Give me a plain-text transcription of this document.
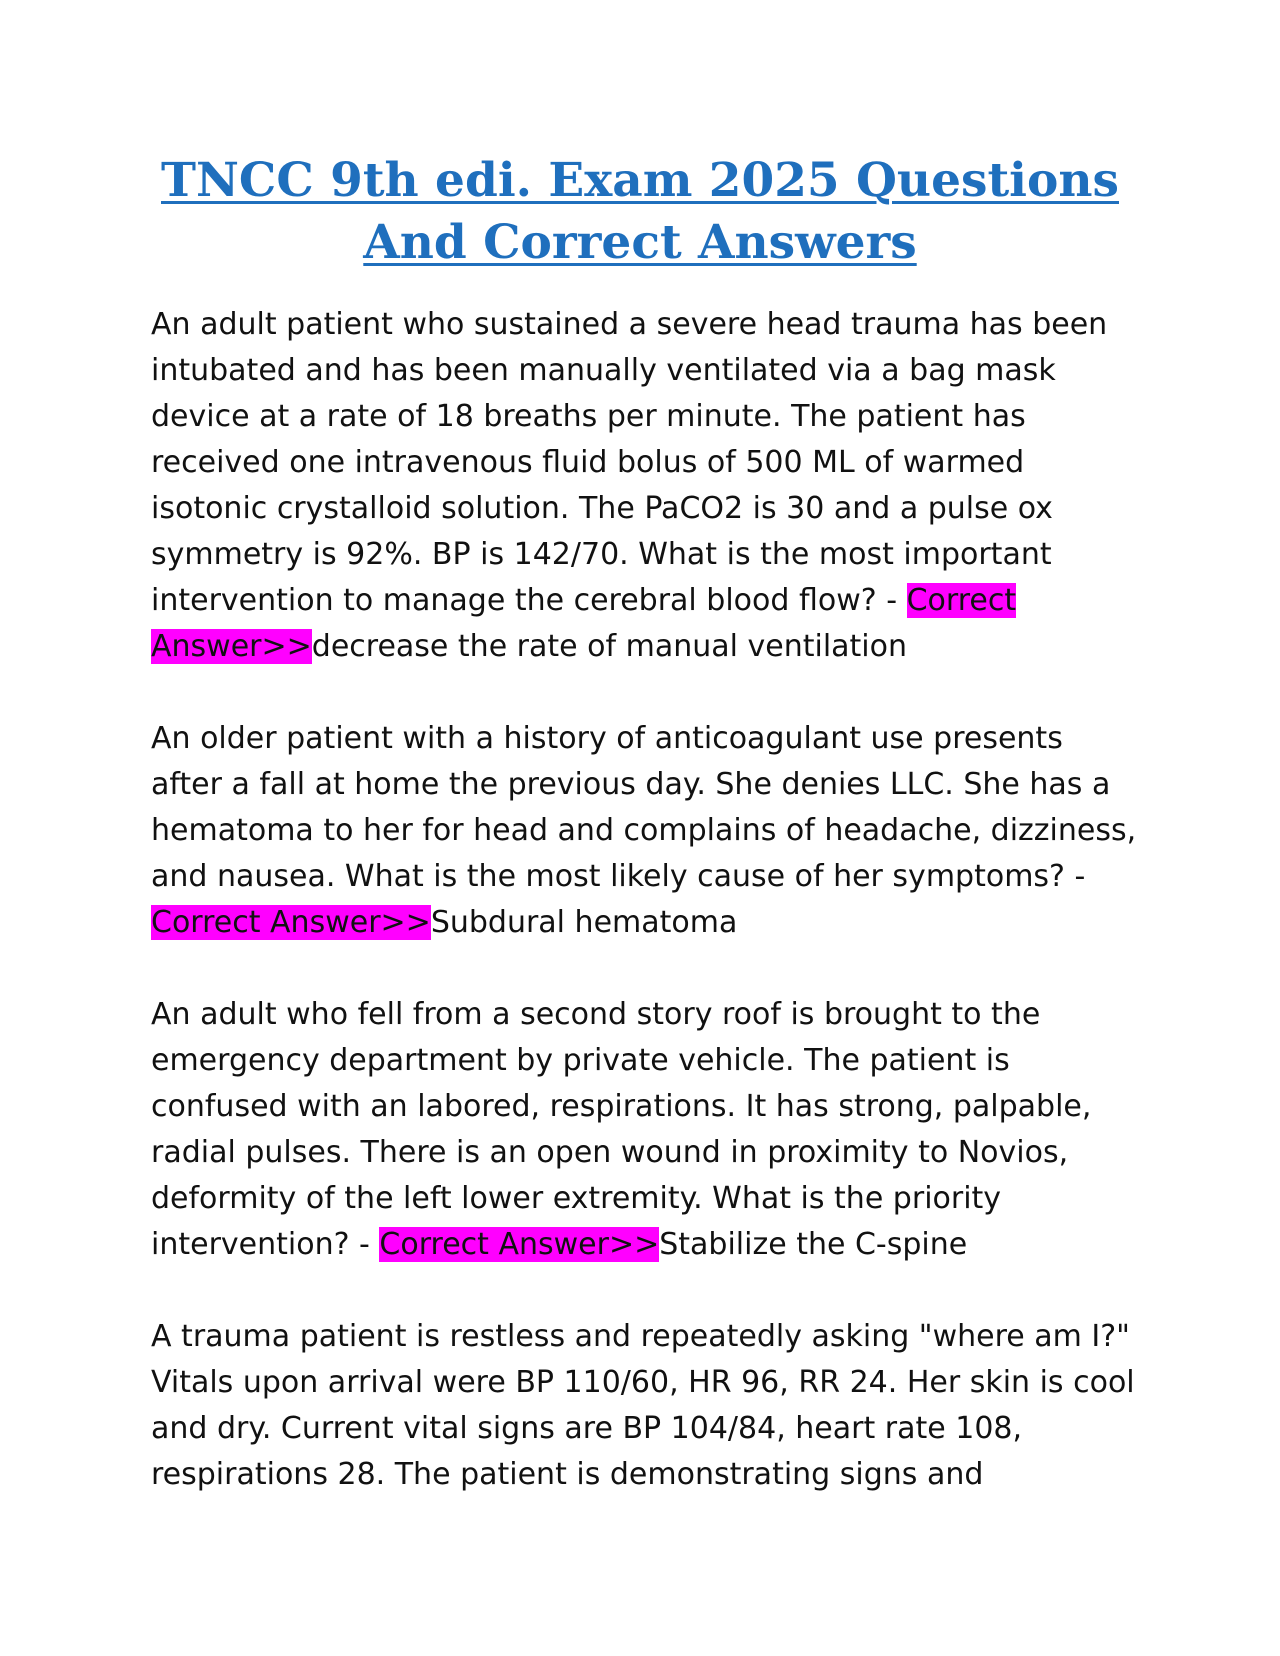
TNCC 9th edi. Exam 2025 Questions And Correct Answers

An adult patient who sustained a severe head trauma has been intubated and has been manually ventilated via a bag mask device at a rate of 18 breaths per minute. The patient has received one intravenous fluid bolus of 500 ML of warmed isotonic crystalloid solution. The PaCO2 is 30 and a pulse ox symmetry is 92%. BP is 142/70. What is the most important intervention to manage the cerebral blood flow? - Correct Answer>>decrease the rate of manual ventilation

An older patient with a history of anticoagulant use presents after a fall at home the previous day. She denies LLC. She has a hematoma to her for head and complains of headache, dizziness, and nausea. What is the most likely cause of her symptoms? - Correct Answer>>Subdural hematoma

An adult who fell from a second story roof is brought to the emergency department by private vehicle. The patient is confused with an labored, respirations. It has strong, palpable, radial pulses. There is an open wound in proximity to Novios, deformity of the left lower extremity. What is the priority intervention? - Correct Answer>>Stabilize the C-spine

A trauma patient is restless and repeatedly asking "where am I?" Vitals upon arrival were BP 110/60, HR 96, RR 24. Her skin is cool and dry. Current vital signs are BP 104/84, heart rate 108, respirations 28. The patient is demonstrating signs and
